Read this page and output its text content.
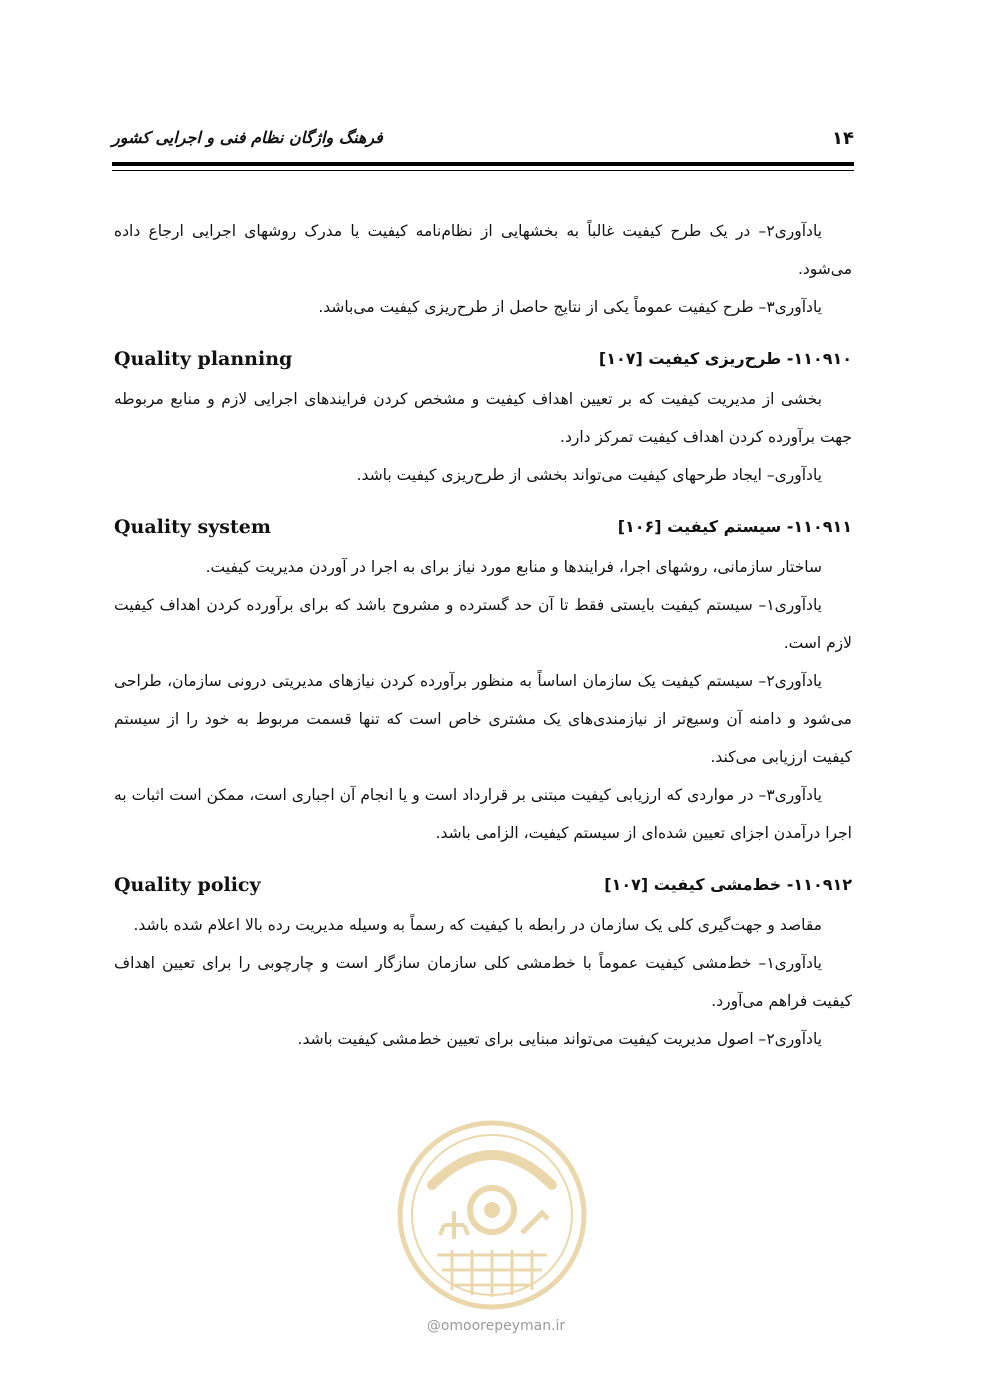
فرهنگ واژگان نظام فنی و اجرایی کشور	۱۴

یادآوری۲– در یک طرح کیفیت غالباً به بخشهایی از نظام‌نامه کیفیت یا مدرک روشهای اجرایی ارجاع داده می‌شود.

یادآوری۳– طرح کیفیت عموماً یکی از نتایج حاصل از طرح‌ریزی کیفیت می‌باشد.

۱۱۰۹۱۰- طرح‌ریزی کیفیت [۱۰۷]
Quality planning

بخشی از مدیریت کیفیت که بر تعیین اهداف کیفیت و مشخص کردن فرایندهای اجرایی لازم و منابع مربوطه جهت برآورده کردن اهداف کیفیت تمرکز دارد.

یادآوری– ایجاد طرحهای کیفیت می‌تواند بخشی از طرح‌ریزی کیفیت باشد.

۱۱۰۹۱۱- سیستم کیفیت [۱۰۶]
Quality system

ساختار سازمانی، روشهای اجرا، فرایندها و منابع مورد نیاز برای به اجرا در آوردن مدیریت کیفیت.

یادآوری۱– سیستم کیفیت بایستی فقط تا آن حد گسترده و مشروح باشد که برای برآورده کردن اهداف کیفیت لازم است.

یادآوری۲– سیستم کیفیت یک سازمان اساساً به منظور برآورده کردن نیازهای مدیریتی درونی سازمان، طراحی می‌شود و دامنه آن وسیع‌تر از نیازمندی‌های یک مشتری خاص است که تنها قسمت مربوط به خود را از سیستم کیفیت ارزیابی می‌کند.

یادآوری۳– در مواردی که ارزیابی کیفیت مبتنی بر قرارداد است و یا انجام آن اجباری است، ممکن است اثبات به اجرا درآمدن اجزای تعیین شده‌ای از سیستم کیفیت، الزامی باشد.

۱۱۰۹۱۲- خط‌مشی کیفیت [۱۰۷]
Quality policy

مقاصد و جهت‌گیری کلی یک سازمان در رابطه با کیفیت که رسماً به وسیله مدیریت رده بالا اعلام شده باشد.

یادآوری۱– خط‌مشی کیفیت عموماً با خط‌مشی کلی سازمان سازگار است و چارچوبی را برای تعیین اهداف کیفیت فراهم می‌آورد.

یادآوری۲– اصول مدیریت کیفیت می‌تواند مبنایی برای تعیین خط‌مشی کیفیت باشد.

@omoorepeyman.ir
